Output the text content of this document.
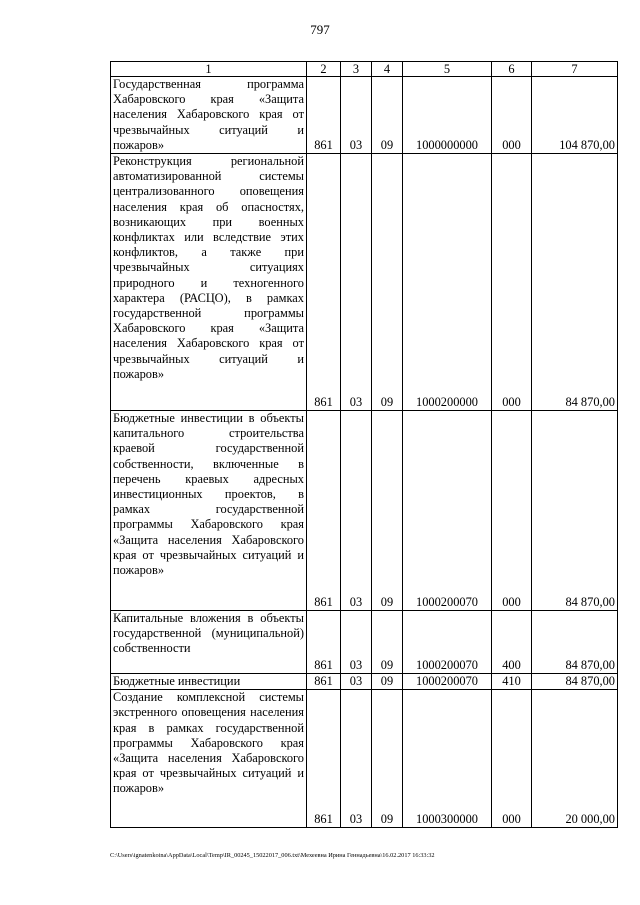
797
1	2	3	4	5	6	7
Государственная программа Хабаровского края «Защита населения Хабаровского края от чрезвычайных ситуаций и пожаров»	861	03	09	1000000000	000	104 870,00
Реконструкция региональной автоматизированной системы централизованного оповещения населения края об опасностях, возникающих при военных конфликтах или вследствие этих конфликтов, а также при чрезвычайных ситуациях природного и техногенного характера (РАСЦО), в рамках государственной программы Хабаровского края «Защита населения Хабаровского края от чрезвычайных ситуаций и пожаров»	861	03	09	1000200000	000	84 870,00
Бюджетные инвестиции в объекты капитального строительства краевой государственной собственности, включенные в перечень краевых адресных инвестиционных проектов, в рамках государственной программы Хабаровского края «Защита населения Хабаровского края от чрезвычайных ситуаций и пожаров»	861	03	09	1000200070	000	84 870,00
Капитальные вложения в объекты государственной (муниципальной) собственности	861	03	09	1000200070	400	84 870,00
Бюджетные инвестиции	861	03	09	1000200070	410	84 870,00
Создание комплексной системы экстренного оповещения населения края в рамках государственной программы Хабаровского края «Защита населения Хабаровского края от чрезвычайных ситуаций и пожаров»	861	03	09	1000300000	000	20 000,00
C:\Users\ignatenkoina\AppData\Local\Temp\IR_00245_15022017_006.txt\Мехеевна Ирина Геннадьевна\16.02.2017 16:33:32
